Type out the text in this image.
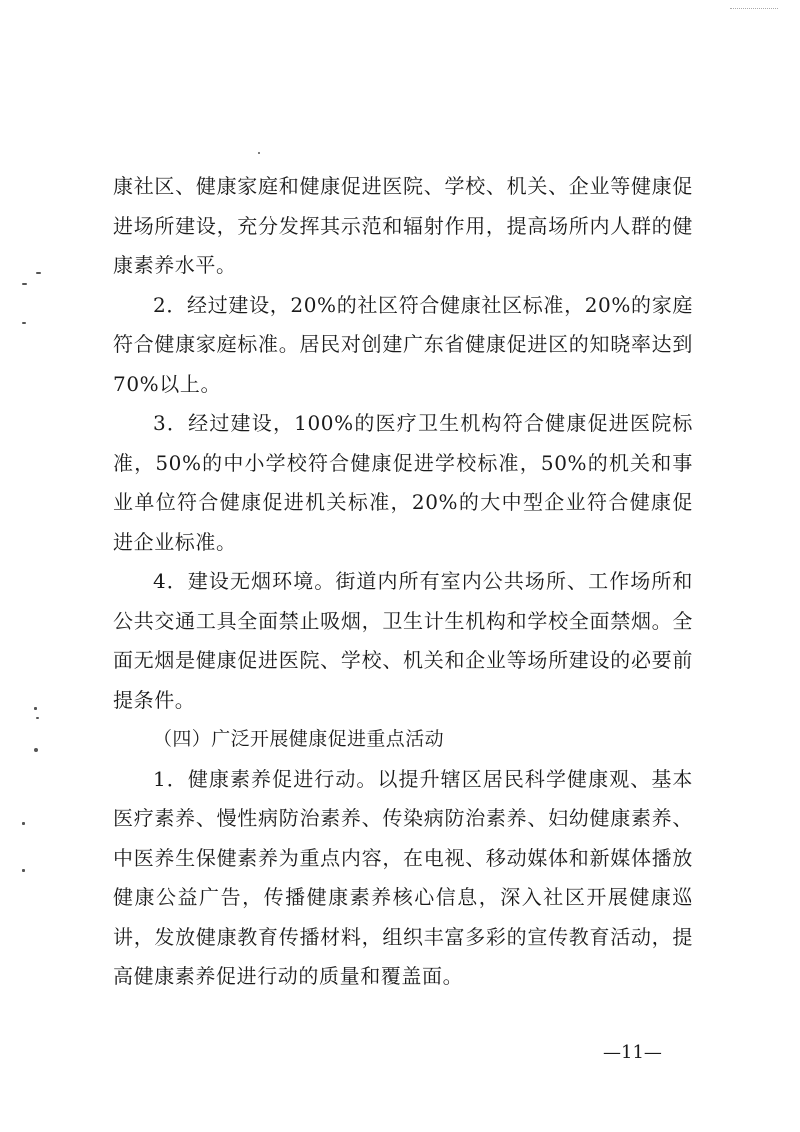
康社区、健康家庭和健康促进医院、学校、机关、企业等健康促进场所建设，充分发挥其示范和辐射作用，提高场所内人群的健康素养水平。

2．经过建设，20%的社区符合健康社区标准，20%的家庭符合健康家庭标准。居民对创建广东省健康促进区的知晓率达到70%以上。

3．经过建设，100%的医疗卫生机构符合健康促进医院标准，50%的中小学校符合健康促进学校标准，50%的机关和事业单位符合健康促进机关标准，20%的大中型企业符合健康促进企业标准。

4．建设无烟环境。街道内所有室内公共场所、工作场所和公共交通工具全面禁止吸烟，卫生计生机构和学校全面禁烟。全面无烟是健康促进医院、学校、机关和企业等场所建设的必要前提条件。

（四）广泛开展健康促进重点活动

1．健康素养促进行动。以提升辖区居民科学健康观、基本医疗素养、慢性病防治素养、传染病防治素养、妇幼健康素养、中医养生保健素养为重点内容，在电视、移动媒体和新媒体播放健康公益广告，传播健康素养核心信息，深入社区开展健康巡讲，发放健康教育传播材料，组织丰富多彩的宣传教育活动，提高健康素养促进行动的质量和覆盖面。

—11—
